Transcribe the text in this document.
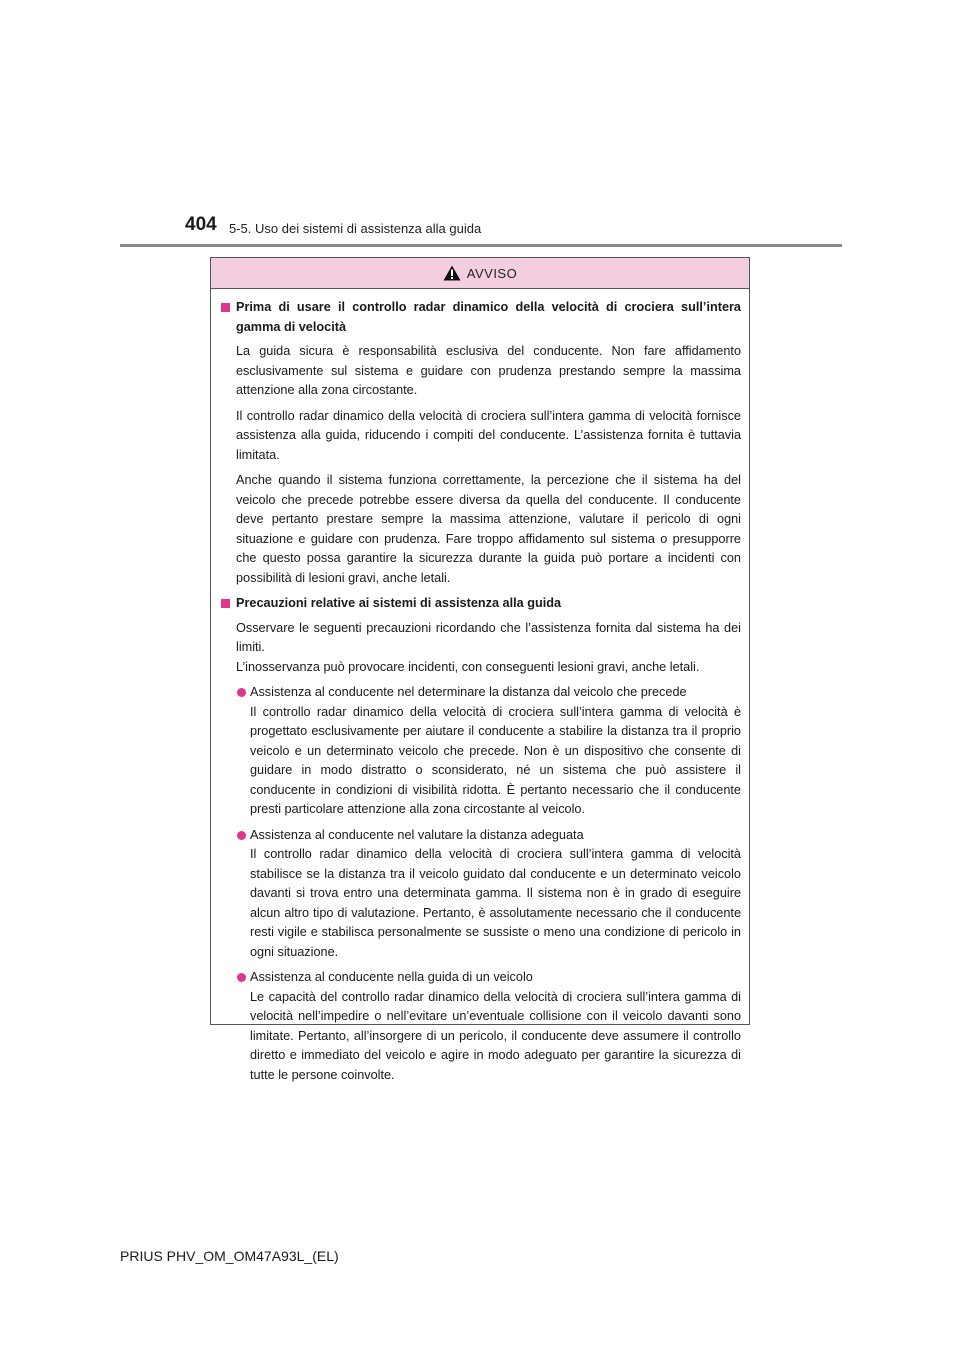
404 5-5. Uso dei sistemi di assistenza alla guida
AVVISO
Prima di usare il controllo radar dinamico della velocità di crociera sull’intera gamma di velocità
La guida sicura è responsabilità esclusiva del conducente. Non fare affidamento esclusivamente sul sistema e guidare con prudenza prestando sempre la massima attenzione alla zona circostante.
Il controllo radar dinamico della velocità di crociera sull’intera gamma di velocità fornisce assistenza alla guida, riducendo i compiti del conducente. L’assistenza fornita è tuttavia limitata.
Anche quando il sistema funziona correttamente, la percezione che il sistema ha del veicolo che precede potrebbe essere diversa da quella del conducente. Il conducente deve pertanto prestare sempre la massima attenzione, valutare il pericolo di ogni situazione e guidare con prudenza. Fare troppo affidamento sul sistema o presupporre che questo possa garantire la sicurezza durante la guida può portare a incidenti con possibilità di lesioni gravi, anche letali.
Precauzioni relative ai sistemi di assistenza alla guida
Osservare le seguenti precauzioni ricordando che l’assistenza fornita dal sistema ha dei limiti.
L’inosservanza può provocare incidenti, con conseguenti lesioni gravi, anche letali.
Assistenza al conducente nel determinare la distanza dal veicolo che precede
Il controllo radar dinamico della velocità di crociera sull’intera gamma di velocità è progettato esclusivamente per aiutare il conducente a stabilire la distanza tra il proprio veicolo e un determinato veicolo che precede. Non è un dispositivo che consente di guidare in modo distratto o sconsiderato, né un sistema che può assistere il conducente in condizioni di visibilità ridotta. È pertanto necessario che il conducente presti particolare attenzione alla zona circostante al veicolo.
Assistenza al conducente nel valutare la distanza adeguata
Il controllo radar dinamico della velocità di crociera sull’intera gamma di velocità stabilisce se la distanza tra il veicolo guidato dal conducente e un determinato veicolo davanti si trova entro una determinata gamma. Il sistema non è in grado di eseguire alcun altro tipo di valutazione. Pertanto, è assolutamente necessario che il conducente resti vigile e stabilisca personalmente se sussiste o meno una condizione di pericolo in ogni situazione.
Assistenza al conducente nella guida di un veicolo
Le capacità del controllo radar dinamico della velocità di crociera sull’intera gamma di velocità nell’impedire o nell’evitare un’eventuale collisione con il veicolo davanti sono limitate. Pertanto, all’insorgere di un pericolo, il conducente deve assumere il controllo diretto e immediato del veicolo e agire in modo adeguato per garantire la sicurezza di tutte le persone coinvolte.
PRIUS PHV_OM_OM47A93L_(EL)
